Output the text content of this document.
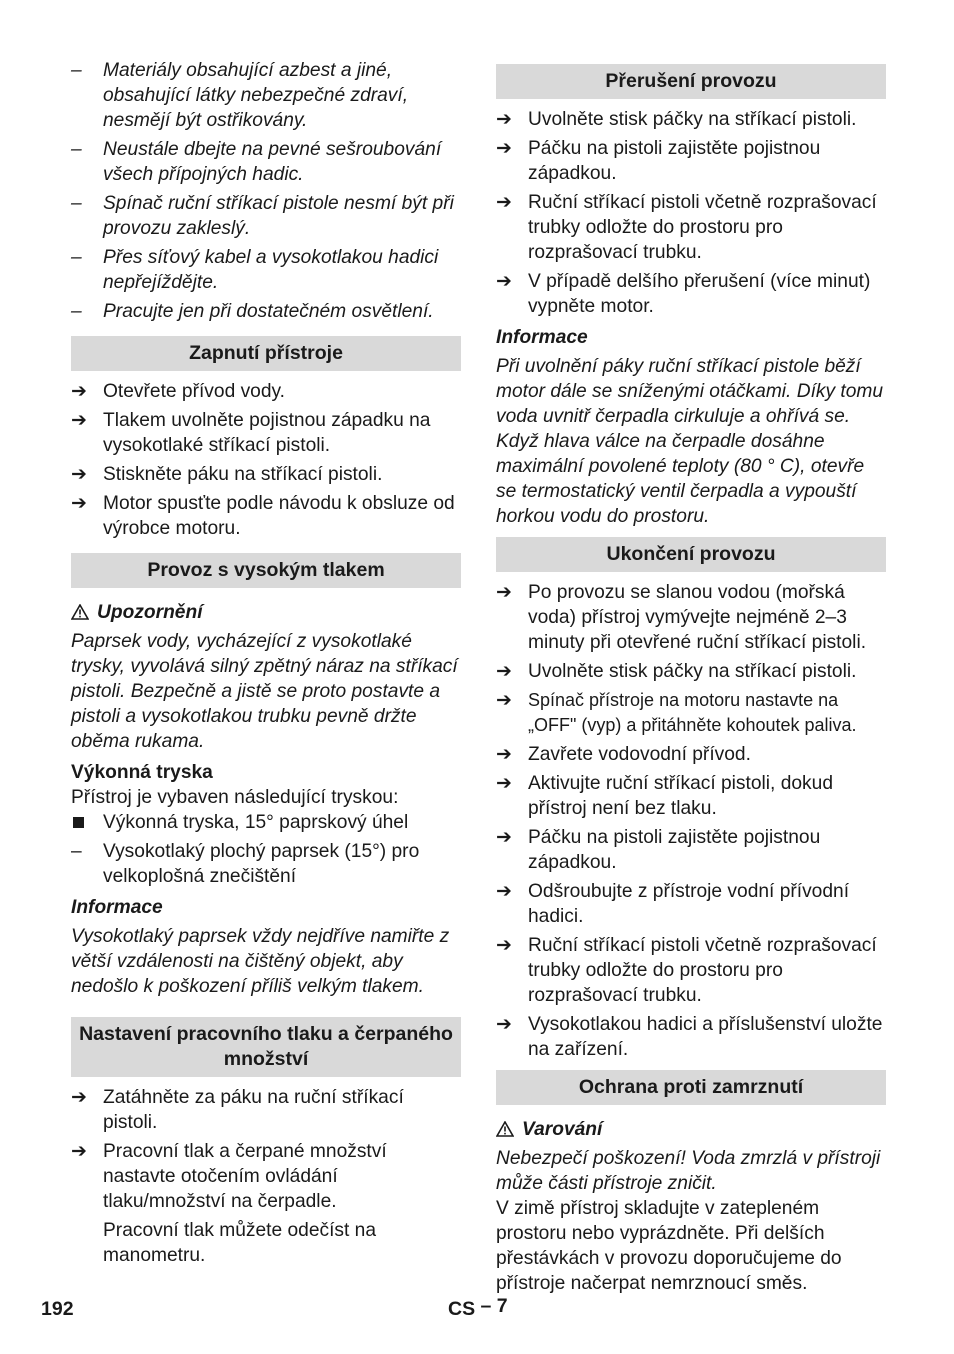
–	Materiály obsahující azbest a jiné, obsahující látky nebezpečné zdraví, nesmějí být ostřikovány.
–	Neustále dbejte na pevné sešroubování všech přípojných hadic.
–	Spínač ruční stříkací pistole nesmí být při provozu zakleslý.
–	Přes síťový kabel a vysokotlakou hadici nepřejíždějte.
–	Pracujte jen při dostatečném osvětlení.
Zapnutí přístroje
➔ Otevřete přívod vody.
➔ Tlakem uvolněte pojistnou západku na vysokotlaké stříkací pistoli.
➔ Stiskněte páku na stříkací pistoli.
➔ Motor spusťte podle návodu k obsluze od výrobce motoru.
Provoz s vysokým tlakem
Upozornění
Paprsek vody, vycházející z vysokotlaké trysky, vyvolává silný zpětný náraz na stříkací pistoli. Bezpečně a jistě se proto postavte a pistoli a vysokotlakou trubku pevně držte oběma rukama.
Výkonná tryska
Přístroj je vybaven následující tryskou:
Výkonná tryska, 15° paprskový úhel
–	Vysokotlaký plochý paprsek (15°) pro velkoplošná znečištění
Informace
Vysokotlaký paprsek vždy nejdříve namiřte z větší vzdálenosti na čištěný objekt, aby nedošlo k poškození příliš velkým tlakem.
Nastavení pracovního tlaku a čerpaného množství
➔ Zatáhněte za páku na ruční stříkací pistoli.
➔ Pracovní tlak a čerpané množství nastavte otočením ovládání tlaku/množství na čerpadle.
Pracovní tlak můžete odečíst na manometru.
Přerušení provozu
➔ Uvolněte stisk páčky na stříkací pistoli.
➔ Páčku na pistoli zajistěte pojistnou západkou.
➔ Ruční stříkací pistoli včetně rozprašovací trubky odložte do prostoru pro rozprašovací trubku.
➔ V případě delšího přerušení (více minut) vypněte motor.
Informace
Při uvolnění páky ruční stříkací pistole běží motor dále se sníženými otáčkami. Díky tomu voda uvnitř čerpadla cirkuluje a ohřívá se. Když hlava válce na čerpadle dosáhne maximální povolené teploty (80 ° C), otevře se termostatický ventil čerpadla a vypouští horkou vodu do prostoru.
Ukončení provozu
➔ Po provozu se slanou vodou (mořská voda) přístroj vymývejte nejméně 2–3 minuty při otevřené ruční stříkací pistoli.
➔ Uvolněte stisk páčky na stříkací pistoli.
➔ Spínač přístroje na motoru nastavte na „OFF" (vyp) a přitáhněte kohoutek paliva.
➔ Zavřete vodovodní přívod.
➔ Aktivujte ruční stříkací pistoli, dokud přístroj není bez tlaku.
➔ Páčku na pistoli zajistěte pojistnou západkou.
➔ Odšroubujte z přístroje vodní přívodní hadici.
➔ Ruční stříkací pistoli včetně rozprašovací trubky odložte do prostoru pro rozprašovací trubku.
➔ Vysokotlakou hadici a příslušenství uložte na zařízení.
Ochrana proti zamrznutí
Varování
Nebezpečí poškození! Voda zmrzlá v přístroji může části přístroje zničit.
V zimě přístroj skladujte v zatepleném prostoru nebo vyprázdněte. Při delších přestávkách v provozu doporučujeme do přístroje načerpat nemrznoucí směs.
192	CS – 7
